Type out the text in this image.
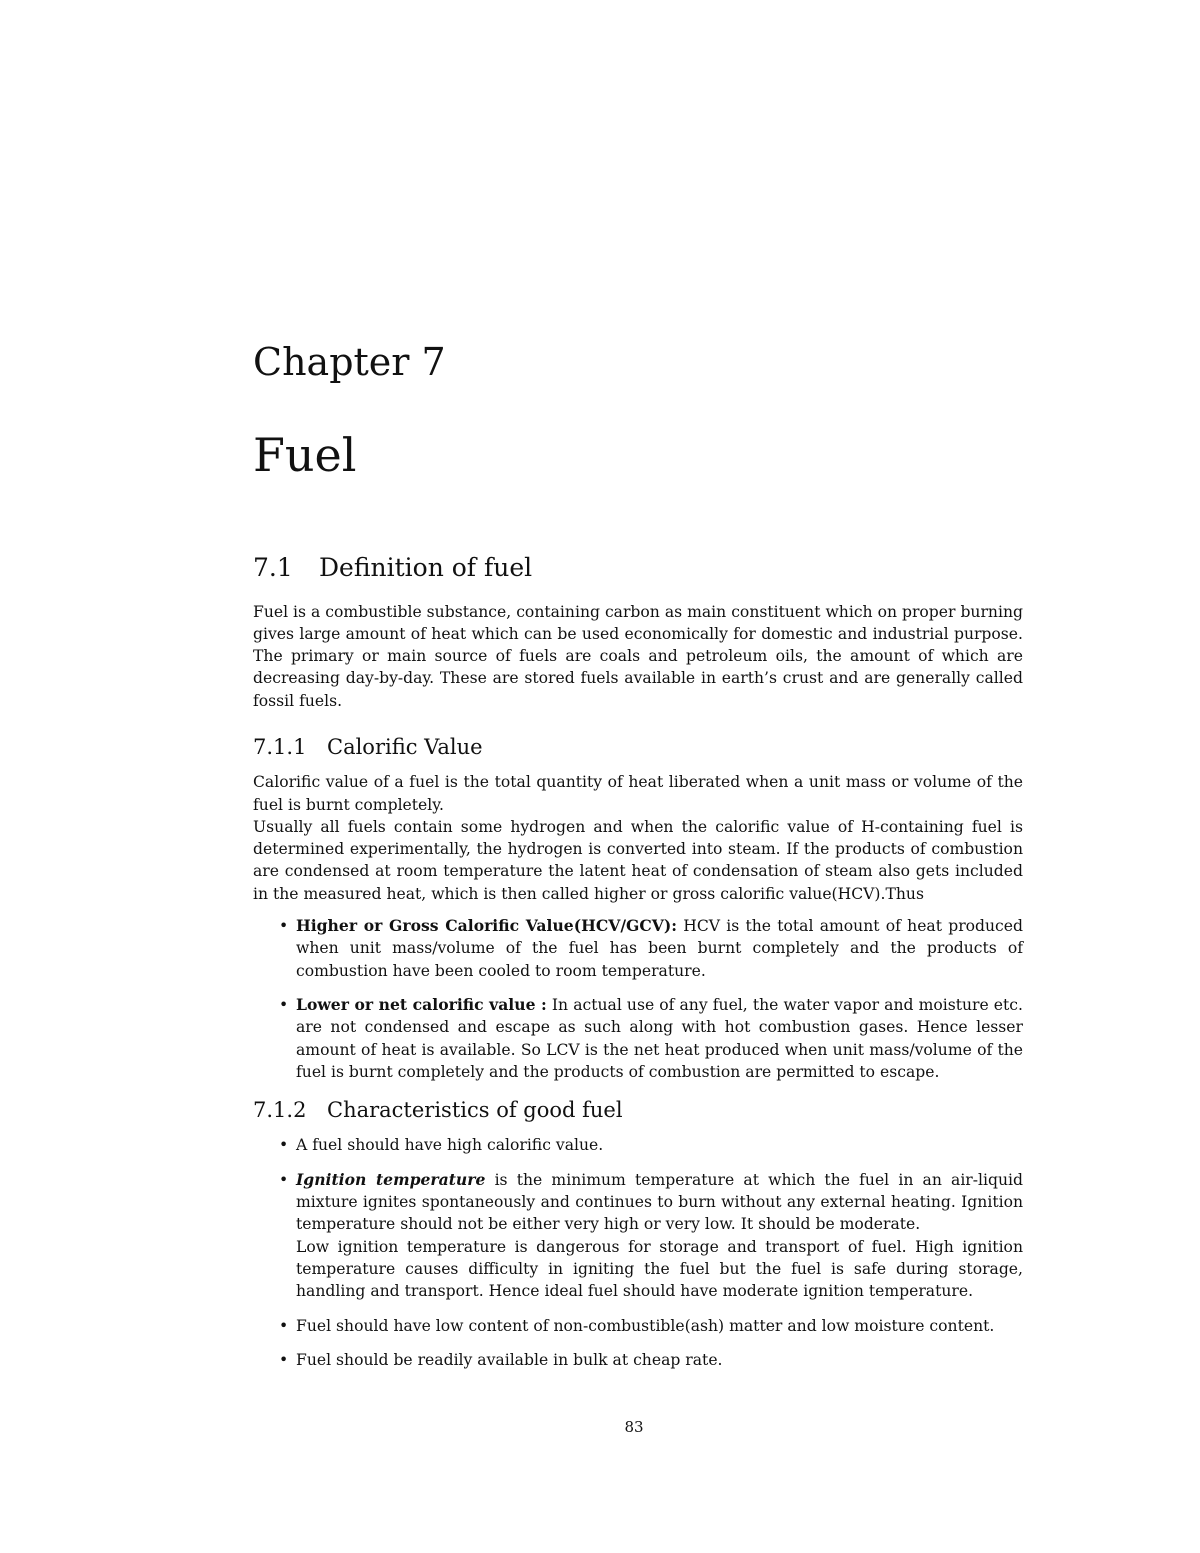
Chapter 7
Fuel
7.1 Definition of fuel

Fuel is a combustible substance, containing carbon as main constituent which on proper burning gives large amount of heat which can be used economically for domestic and industrial purpose. The primary or main source of fuels are coals and petroleum oils, the amount of which are decreasing day-by-day. These are stored fuels available in earth’s crust and are generally called fossil fuels.

7.1.1 Calorific Value

Calorific value of a fuel is the total quantity of heat liberated when a unit mass or volume of the fuel is burnt completely.

Usually all fuels contain some hydrogen and when the calorific value of H-containing fuel is determined experimentally, the hydrogen is converted into steam. If the products of combustion are condensed at room temperature the latent heat of condensation of steam also gets included in the measured heat, which is then called higher or gross calorific value(HCV).Thus

• Higher or Gross Calorific Value(HCV/GCV): HCV is the total amount of heat produced when unit mass/volume of the fuel has been burnt completely and the products of combustion have been cooled to room temperature.
• Lower or net calorific value : In actual use of any fuel, the water vapor and moisture etc. are not condensed and escape as such along with hot combustion gases. Hence lesser amount of heat is available. So LCV is the net heat produced when unit mass/volume of the fuel is burnt completely and the products of combustion are permitted to escape.
7.1.2 Characteristics of good fuel
• A fuel should have high calorific value.
• Ignition temperature is the minimum temperature at which the fuel in an air-liquid mixture ignites spontaneously and continues to burn without any external heating. Ignition temperature should not be either very high or very low. It should be moderate.
Low ignition temperature is dangerous for storage and transport of fuel. High ignition temperature causes difficulty in igniting the fuel but the fuel is safe during storage, handling and transport. Hence ideal fuel should have moderate ignition temperature.
• Fuel should have low content of non-combustible(ash) matter and low moisture content.
• Fuel should be readily available in bulk at cheap rate.
83
